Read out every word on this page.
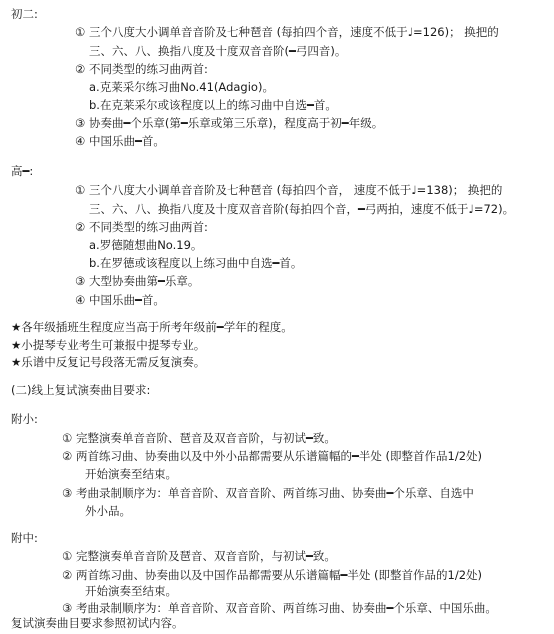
初二:
① 三个八度大小调单音音阶及七种琶音 (每拍四个音，速度不低于♩=126)； 换把的
三、六、八、换指八度及十度双音音阶(━弓四音)。
② 不同类型的练习曲两首:
a.克莱采尔练习曲No.41(Adagio)。
b.在克莱采尔或该程度以上的练习曲中自选━首。
③ 协奏曲━个乐章(第━乐章或第三乐章)，程度高于初━年级。
④ 中国乐曲━首。
高━:
① 三个八度大小调单音音阶及七种琶音 (每拍四个音， 速度不低于♩=138)； 换把的
三、六、八、换指八度及十度双音音阶(每拍四个音，━弓两拍，速度不低于♩=72)。
② 不同类型的练习曲两首:
a.罗德随想曲No.19。
b.在罗德或该程度以上练习曲中自选━首。
③ 大型协奏曲第━乐章。
④ 中国乐曲━首。
★各年级插班生程度应当高于所考年级前━学年的程度。
★小提琴专业考生可兼报中提琴专业。
★乐谱中反复记号段落无需反复演奏。
(二)线上复试演奏曲目要求:
附小:
① 完整演奏单音音阶、琶音及双音音阶，与初试━致。
② 两首练习曲、协奏曲以及中外小品都需要从乐谱篇幅的━半处 (即整首作品1/2处)
开始演奏至结束。
③ 考曲录制顺序为：单音音阶、双音音阶、两首练习曲、协奏曲━个乐章、自选中
外小品。
附中:
① 完整演奏单音音阶及琶音、双音音阶，与初试━致。
② 两首练习曲、协奏曲以及中国作品都需要从乐谱篇幅━半处 (即整首作品的1/2处)
开始演奏至结束。
③ 考曲录制顺序为：单音音阶、双音音阶、两首练习曲、协奏曲━个乐章、中国乐曲。
复试演奏曲目要求参照初试内容。
